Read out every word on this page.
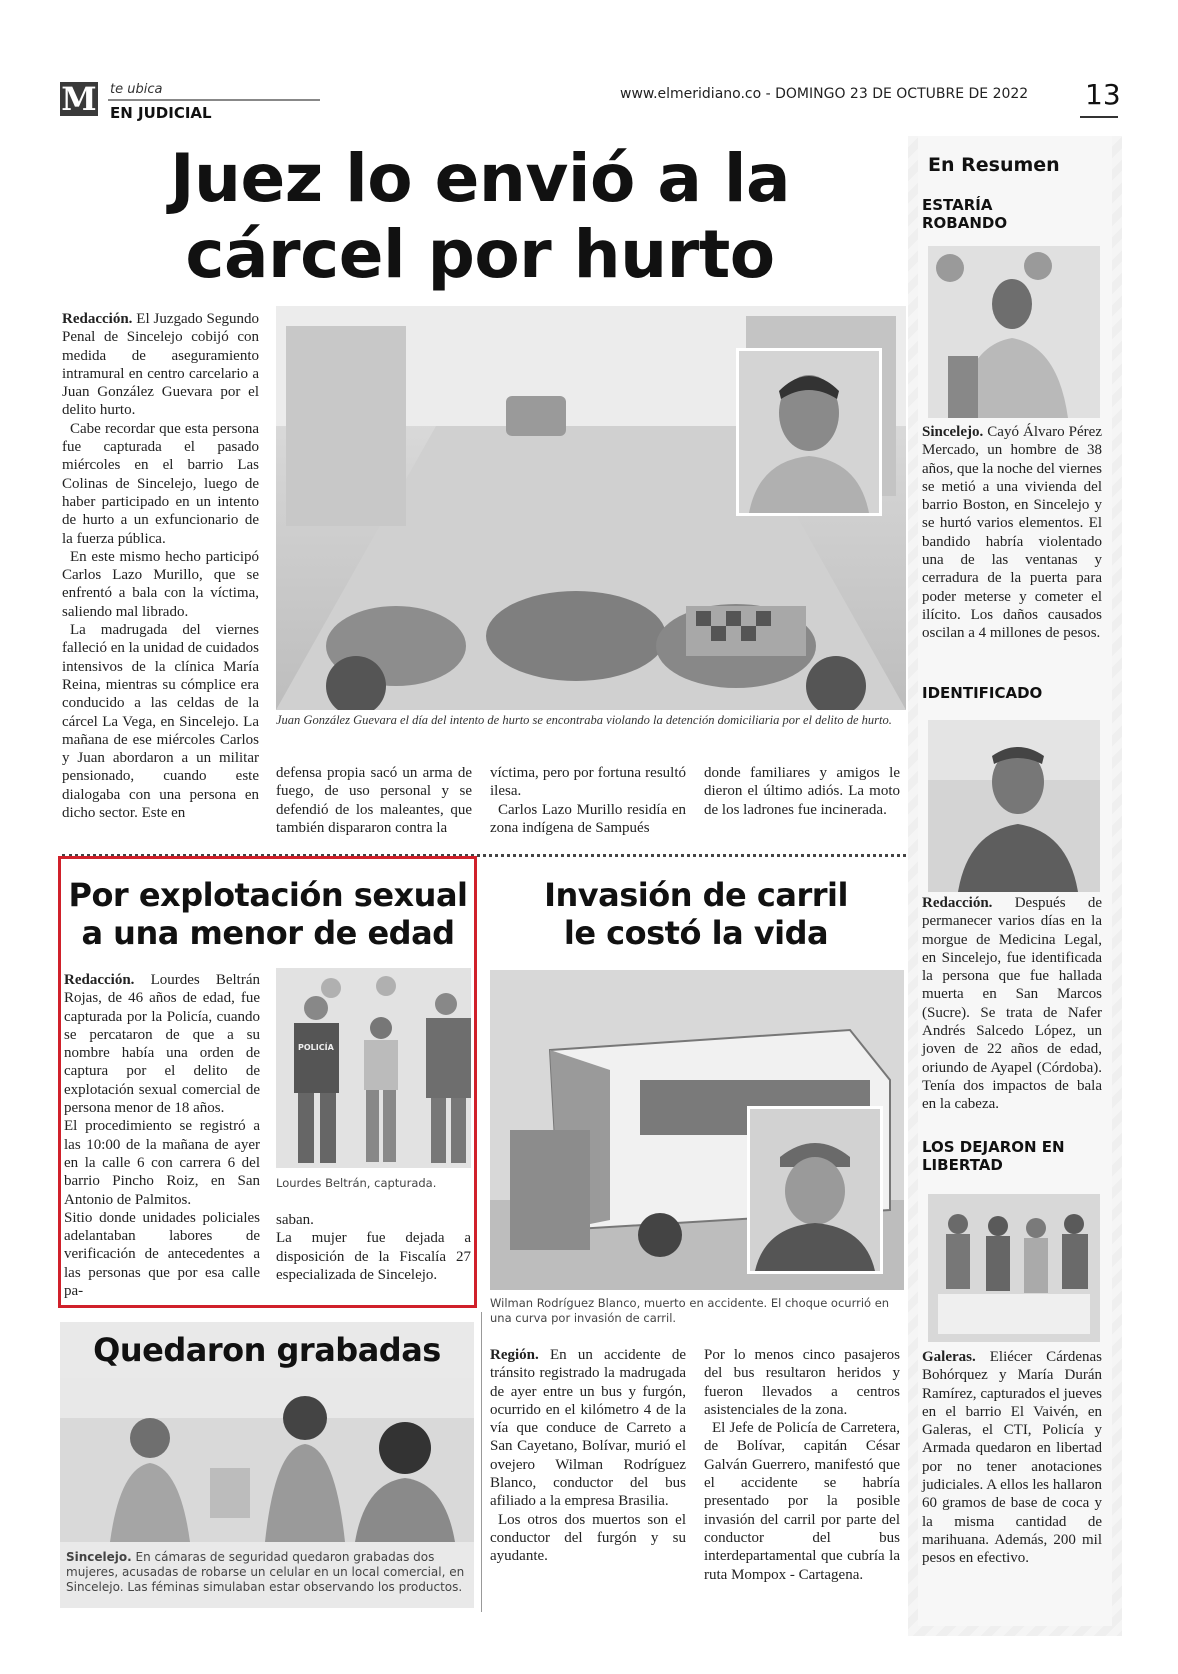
M te ubica
EN JUDICIAL
www.elmeridiano.co - DOMINGO 23 DE OCTUBRE DE 2022 13
Juez lo envió a la
cárcel por hurto

Redacción. El Juzgado Segundo Penal de Sincelejo cobijó con medida de aseguramiento intramural en centro carcelario a Juan González Guevara por el delito hurto.

Cabe recordar que esta persona fue capturada el pasado miércoles en el barrio Las Colinas de Sincelejo, luego de haber participado en un intento de hurto a un exfuncionario de la fuerza pública.

En este mismo hecho participó Carlos Lazo Murillo, que se enfrentó a bala con la víctima, saliendo mal librado.

La madrugada del viernes falleció en la unidad de cuidados intensivos de la clínica María Reina, mientras su cómplice era conducido a las celdas de la cárcel La Vega, en Sincelejo. La mañana de ese miércoles Carlos y Juan abordaron a un militar pensionado, cuando este dialogaba con una persona en dicho sector. Este en

Juan González Guevara el día del intento de hurto se encontraba violando la detención domiciliaria por el delito de hurto.

defensa propia sacó un arma de fuego, de uso personal y se defendió de los maleantes, que también dispararon contra la

víctima, pero por fortuna resultó ilesa.

Carlos Lazo Murillo residía en zona indígena de Sampués

donde familiares y amigos le dieron el último adiós. La moto de los ladrones fue incinerada.

Por explotación sexual
a una menor de edad

Redacción. Lourdes Beltrán Rojas, de 46 años de edad, fue capturada por la Policía, cuando se percataron de que a su nombre había una orden de captura por el delito de explotación sexual comercial de persona menor de 18 años.

El procedimiento se registró a las 10:00 de la mañana de ayer en la calle 6 con carrera 6 del barrio Pincho Roiz, en San Antonio de Palmitos.

Sitio donde unidades policiales adelantaban labores de verificación de antecedentes a las personas que por esa calle pa-

POLICÍA
Lourdes Beltrán, capturada.

saban.

La mujer fue dejada a disposición de la Fiscalía 27 especializada de Sincelejo.

Invasión de carril
le costó la vida
Wilman Rodríguez Blanco, muerto en accidente. El choque ocurrió en una curva por invasión de carril.

Región. En un accidente de tránsito registrado la madrugada de ayer entre un bus y furgón, ocurrido en el kilómetro 4 de la vía que conduce de Carreto a San Cayetano, Bolívar, murió el ovejero Wilman Rodríguez Blanco, conductor del bus afiliado a la empresa Brasilia.

Los otros dos muertos son el conductor del furgón y su ayudante.

Por lo menos cinco pasajeros del bus resultaron heridos y fueron llevados a centros asistenciales de la zona.

El Jefe de Policía de Carretera, de Bolívar, capitán César Galván Guerrero, manifestó que el accidente se habría presentado por la posible invasión del carril por parte del conductor del bus interdepartamental que cubría la ruta Mompox - Cartagena.

Quedaron grabadas
Sincelejo. En cámaras de seguridad quedaron grabadas dos mujeres, acusadas de robarse un celular en un local comercial, en Sincelejo. Las féminas simulaban estar observando los productos.
En Resumen
ESTARÍA ROBANDO

Sincelejo. Cayó Álvaro Pérez Mercado, un hombre de 38 años, que la noche del viernes se metió a una vivienda del barrio Boston, en Sincelejo y se hurtó varios elementos. El bandido habría violentado una de las ventanas y cerradura de la puerta para poder meterse y cometer el ilícito. Los daños causados oscilan a 4 millones de pesos.

IDENTIFICADO

Redacción. Después de permanecer varios días en la morgue de Medicina Legal, en Sincelejo, fue identificada la persona que fue hallada muerta en San Marcos (Sucre). Se trata de Nafer Andrés Salcedo López, un joven de 22 años de edad, oriundo de Ayapel (Córdoba). Tenía dos impactos de bala en la cabeza.

LOS DEJARON EN LIBERTAD

Galeras. Eliécer Cárdenas Bohórquez y María Durán Ramírez, capturados el jueves en el barrio El Vaivén, en Galeras, el CTI, Policía y Armada quedaron en libertad por no tener anotaciones judiciales. A ellos les hallaron 60 gramos de base de coca y la misma cantidad de marihuana. Además, 200 mil pesos en efectivo.
